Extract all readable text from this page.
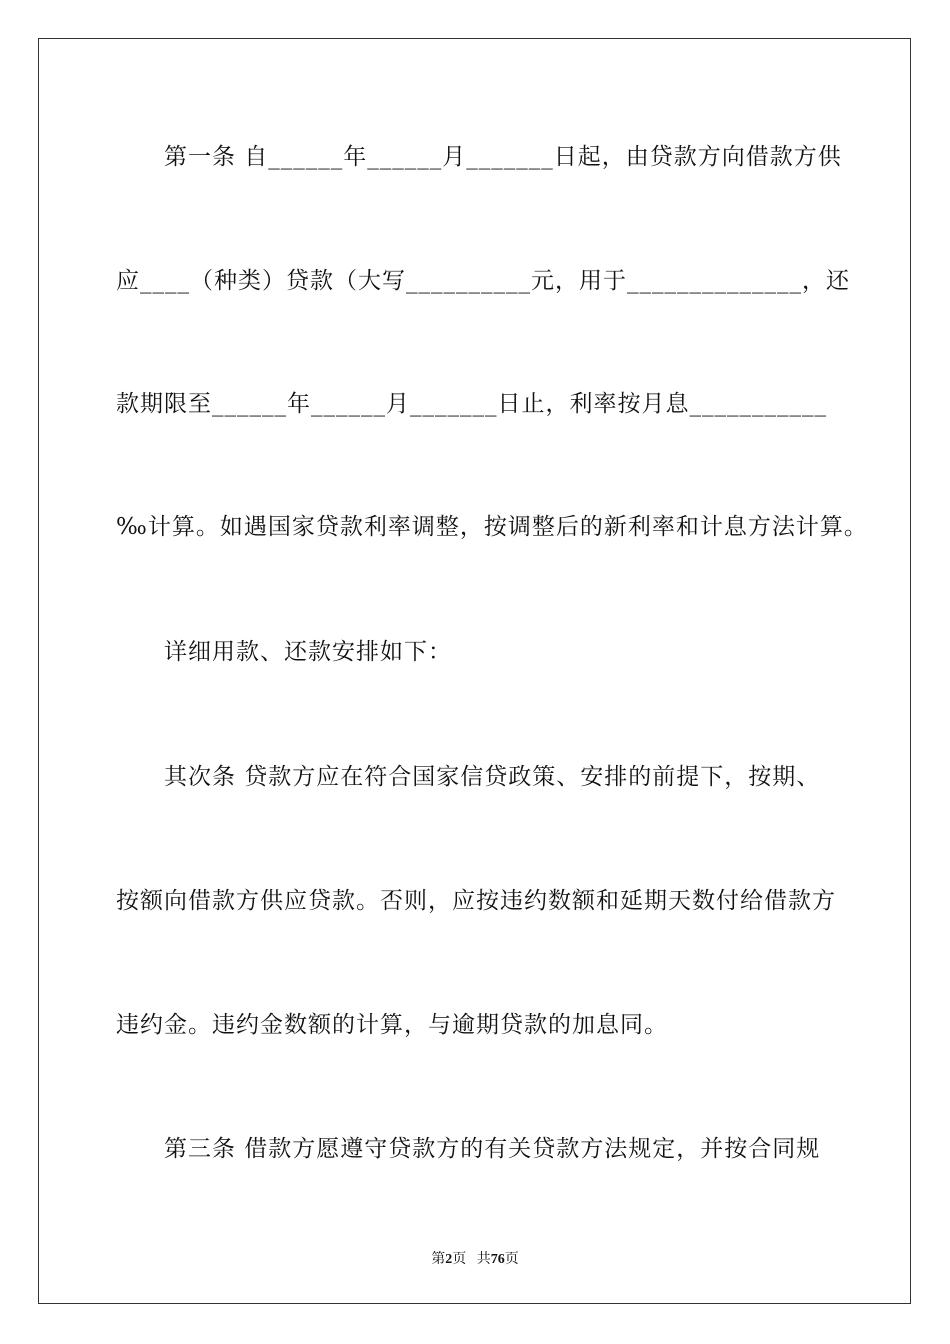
第一条 自______年______月_______日起，由贷款方向借款方供
应____（种类）贷款（大写__________元，用于______________，还
款期限至______年______月_______日止，利率按月息___________
‰计算。如遇国家贷款利率调整，按调整后的新利率和计息方法计算。
详细用款、还款安排如下：
其次条 贷款方应在符合国家信贷政策、安排的前提下，按期、
按额向借款方供应贷款。否则，应按违约数额和延期天数付给借款方
违约金。违约金数额的计算，与逾期贷款的加息同。
第三条 借款方愿遵守贷款方的有关贷款方法规定，并按合同规
第2页 共76页
